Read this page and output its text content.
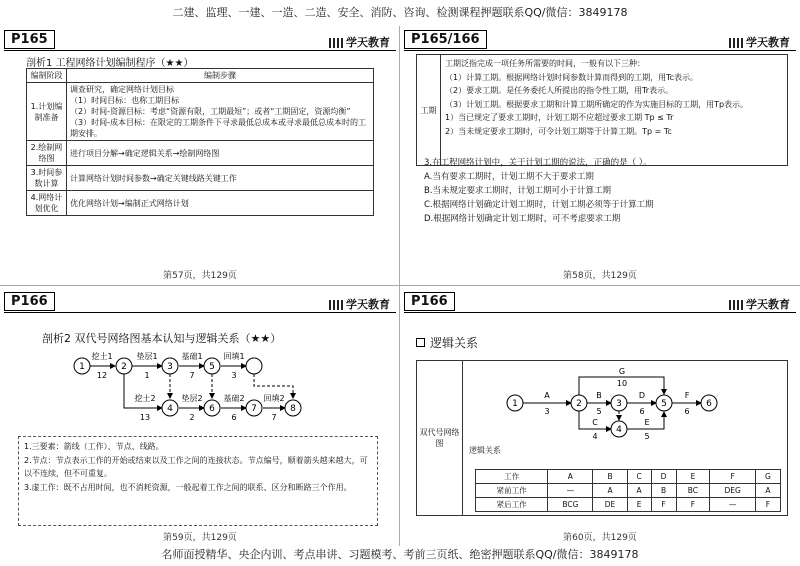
二建、监理、一建、一造、二造、安全、消防、咨询、检测课程押题联系QQ/微信：3849178
P165	学天教育
剖析1 工程网络计划编制程序（★★）
编制阶段	编制步骤
1.计划编制准备	调查研究，确定网络计划目标
（1）时间目标：也称工期目标
（2）时间-资源目标：考虑“资源有限，工期最短”；或者“工期固定，资源均衡”
（3）时间-成本目标：在限定的工期条件下寻求最低总成本或寻求最低总成本时的工期安排。

2.绘制网络图	进行项目分解→确定逻辑关系→绘制网络图
3.时间参数计算	计算网络计划时间参数→确定关键线路关键工作
4.网络计划优化	优化网络计划→编制正式网络计划
第57页，共129页
P165/166	学天教育
工期
工期泛指完成一项任务所需要的时间，一般有以下三种：
（1）计算工期。根据网络计划时间参数计算而得到的工期，用Tc表示。
（2）要求工期。是任务委托人所提出的指令性工期，用Tr表示。
（3）计划工期。根据要求工期和计算工期所确定的作为实施目标的工期，用Tp表示。
1）当已规定了要求工期时，计划工期不应超过要求工期 Tp ≤ Tr
2）当未规定要求工期时，可令计划工期等于计算工期。Tp = Tc
3.在工程网络计划中，关于计划工期的说法，正确的是（ ）。
A.当有要求工期时，计划工期不大于要求工期
B.当未规定要求工期时，计划工期可小于计算工期
C.根据网络计划确定计划工期时，计划工期必须等于计算工期
D.根据网络计划确定计划工期时，可不考虑要求工期
第58页，共129页
P166	学天教育
剖析2 双代号网络图基本认知与逻辑关系（★★）
挖土1
12
垫层1
1
基础1
7
回填1
3
挖土2
13
垫层2
2
基础2
6
回填2
7
1	2	3
4
5
6	7	8
1.三要素：箭线（工作）、节点、线路。
2.节点：节点表示工作的开始或结束以及工作之间的连接状态。节点编号，顺着箭头越来越大，可以不连续，但不可重复。
3.虚工作：既不占用时间，也不消耗资源，一般起着工作之间的联系、区分和断路三个作用。
第59页，共129页
P166	学天教育
逻辑关系
双代号网络图
A
3
B
5
D
6
F
6
G
10
C
4
E
5
1	2	3
4
5	6
逻辑关系
工作	A	B	C	D	E	F	G
紧前工作	—	A	A	B	BC	DEG	A
紧后工作	BCG	DE	E	F	F	—	F
第60页，共129页
名师面授精华、央企内训、考点串讲、习题模考、考前三页纸、绝密押题联系QQ/微信：3849178
